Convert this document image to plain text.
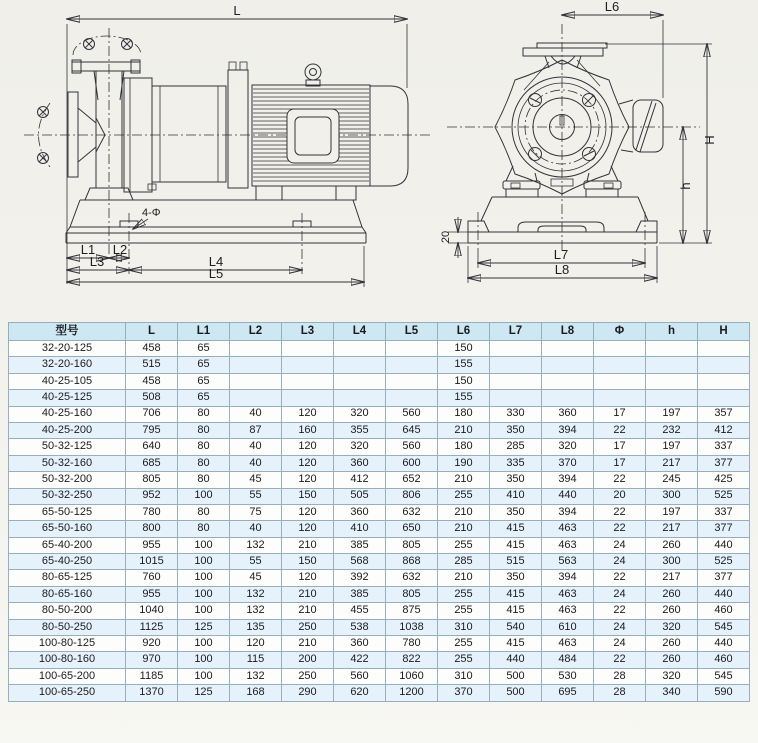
L
4-Φ
L1 L2
L3	L4
L5
L6
20
L7
L8
H
h
型号	L	L1	L2	L3	L4	L5	L6	L7	L8	Φ	h	H
32-20-125	458	65					150					
32-20-160	515	65					155					
40-25-105	458	65					150					
40-25-125	508	65					155					
40-25-160	706	80	40	120	320	560	180	330	360	17	197	357
40-25-200	795	80	87	160	355	645	210	350	394	22	232	412
50-32-125	640	80	40	120	320	560	180	285	320	17	197	337
50-32-160	685	80	40	120	360	600	190	335	370	17	217	377
50-32-200	805	80	45	120	412	652	210	350	394	22	245	425
50-32-250	952	100	55	150	505	806	255	410	440	20	300	525
65-50-125	780	80	75	120	360	632	210	350	394	22	197	337
65-50-160	800	80	40	120	410	650	210	415	463	22	217	377
65-40-200	955	100	132	210	385	805	255	415	463	24	260	440
65-40-250	1015	100	55	150	568	868	285	515	563	24	300	525
80-65-125	760	100	45	120	392	632	210	350	394	22	217	377
80-65-160	955	100	132	210	385	805	255	415	463	24	260	440
80-50-200	1040	100	132	210	455	875	255	415	463	22	260	460
80-50-250	1125	125	135	250	538	1038	310	540	610	24	320	545
100-80-125	920	100	120	210	360	780	255	415	463	24	260	440
100-80-160	970	100	115	200	422	822	255	440	484	22	260	460
100-65-200	1185	100	132	250	560	1060	310	500	530	28	320	545
100-65-250	1370	125	168	290	620	1200	370	500	695	28	340	590
